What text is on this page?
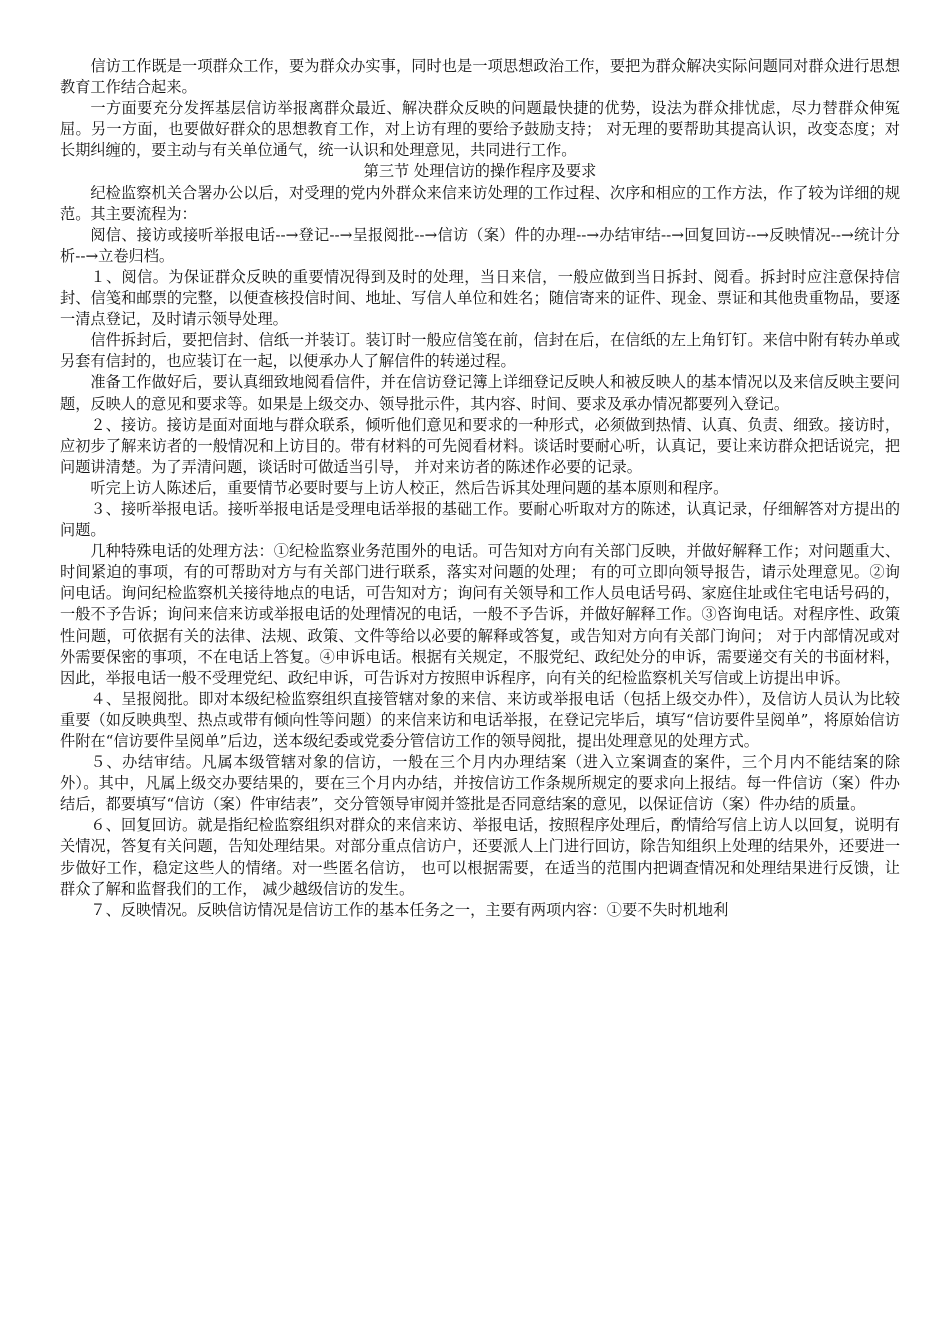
信访工作既是一项群众工作，要为群众办实事，同时也是一项思想政治工作，要把为群众解决实际问题同对群众进行思想教育工作结合起来。

一方面要充分发挥基层信访举报离群众最近、解决群众反映的问题最快捷的优势，设法为群众排忧虑，尽力替群众伸冤屈。另一方面，也要做好群众的思想教育工作，对上访有理的要给予鼓励支持； 对无理的要帮助其提高认识，改变态度；对长期纠缠的，要主动与有关单位通气，统一认识和处理意见，共同进行工作。

第三节 处理信访的操作程序及要求

纪检监察机关合署办公以后，对受理的党内外群众来信来访处理的工作过程、次序和相应的工作方法，作了较为详细的规范。其主要流程为：

阅信、接访或接听举报电话--→登记--→呈报阅批--→信访（案）件的办理--→办结审结--→回复回访--→反映情况--→统计分析--→立卷归档。

１、阅信。为保证群众反映的重要情况得到及时的处理，当日来信，一般应做到当日拆封、阅看。拆封时应注意保持信封、信笺和邮票的完整，以便查核投信时间、地址、写信人单位和姓名；随信寄来的证件、现金、票证和其他贵重物品，要逐一清点登记，及时请示领导处理。

信件拆封后，要把信封、信纸一并装订。装订时一般应信笺在前，信封在后，在信纸的左上角钉钉。来信中附有转办单或另套有信封的，也应装订在一起，以便承办人了解信件的转递过程。

准备工作做好后，要认真细致地阅看信件，并在信访登记簿上详细登记反映人和被反映人的基本情况以及来信反映主要问题，反映人的意见和要求等。如果是上级交办、领导批示件，其内容、时间、要求及承办情况都要列入登记。

２、接访。接访是面对面地与群众联系，倾听他们意见和要求的一种形式，必须做到热情、认真、负责、细致。接访时，应初步了解来访者的一般情况和上访目的。带有材料的可先阅看材料。谈话时要耐心听，认真记，要让来访群众把话说完，把问题讲清楚。为了弄清问题，谈话时可做适当引导， 并对来访者的陈述作必要的记录。

听完上访人陈述后，重要情节必要时要与上访人校正，然后告诉其处理问题的基本原则和程序。

３、接听举报电话。接听举报电话是受理电话举报的基础工作。要耐心听取对方的陈述，认真记录，仔细解答对方提出的问题。

几种特殊电话的处理方法：①纪检监察业务范围外的电话。可告知对方向有关部门反映，并做好解释工作；对问题重大、时间紧迫的事项，有的可帮助对方与有关部门进行联系，落实对问题的处理； 有的可立即向领导报告，请示处理意见。②询问电话。询问纪检监察机关接待地点的电话，可告知对方；询问有关领导和工作人员电话号码、家庭住址或住宅电话号码的，一般不予告诉；询问来信来访或举报电话的处理情况的电话，一般不予告诉，并做好解释工作。③咨询电话。对程序性、政策性问题，可依据有关的法律、法规、政策、文件等给以必要的解释或答复，或告知对方向有关部门询问； 对于内部情况或对外需要保密的事项，不在电话上答复。④申诉电话。根据有关规定，不服党纪、政纪处分的申诉，需要递交有关的书面材料，因此，举报电话一般不受理党纪、政纪申诉，可告诉对方按照申诉程序，向有关的纪检监察机关写信或上访提出申诉。

４、呈报阅批。即对本级纪检监察组织直接管辖对象的来信、来访或举报电话（包括上级交办件），及信访人员认为比较重要（如反映典型、热点或带有倾向性等问题）的来信来访和电话举报，在登记完毕后，填写“信访要件呈阅单”，将原始信访件附在“信访要件呈阅单”后边，送本级纪委或党委分管信访工作的领导阅批，提出处理意见的处理方式。

５、办结审结。凡属本级管辖对象的信访，一般在三个月内办理结案（进入立案调查的案件，三个月内不能结案的除外）。其中，凡属上级交办要结果的，要在三个月内办结，并按信访工作条规所规定的要求向上报结。每一件信访（案）件办结后，都要填写“信访（案）件审结表”，交分管领导审阅并签批是否同意结案的意见，以保证信访（案）件办结的质量。

６、回复回访。就是指纪检监察组织对群众的来信来访、举报电话，按照程序处理后，酌情给写信上访人以回复，说明有关情况，答复有关问题，告知处理结果。对部分重点信访户，还要派人上门进行回访，除告知组织上处理的结果外，还要进一步做好工作，稳定这些人的情绪。对一些匿名信访， 也可以根据需要，在适当的范围内把调查情况和处理结果进行反馈，让群众了解和监督我们的工作， 减少越级信访的发生。

７、反映情况。反映信访情况是信访工作的基本任务之一，主要有两项内容：①要不失时机地利
